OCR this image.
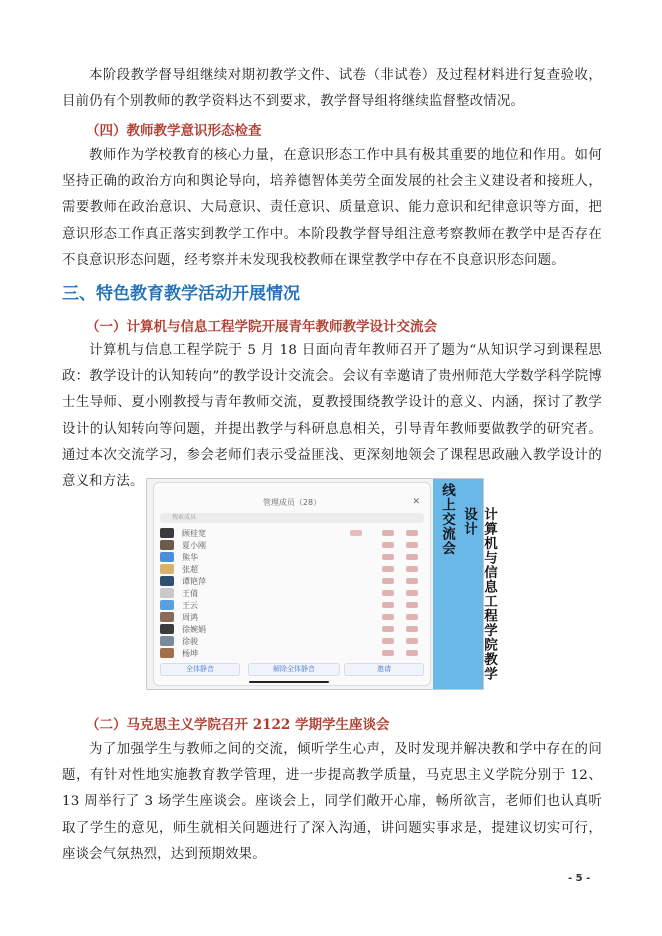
本阶段教学督导组继续对期初教学文件、试卷（非试卷）及过程材料进行复查验收，目前仍有个别教师的教学资料达不到要求，教学督导组将继续监督整改情况。

（四）教师教学意识形态检查

教师作为学校教育的核心力量，在意识形态工作中具有极其重要的地位和作用。如何坚持正确的政治方向和舆论导向，培养德智体美劳全面发展的社会主义建设者和接班人，需要教师在政治意识、大局意识、责任意识、质量意识、能力意识和纪律意识等方面，把意识形态工作真正落实到教学工作中。本阶段教学督导组注意考察教师在教学中是否存在不良意识形态问题，经考察并未发现我校教师在课堂教学中存在不良意识形态问题。

三、特色教育教学活动开展情况
（一）计算机与信息工程学院开展青年教师教学设计交流会

计算机与信息工程学院于 5 月 18 日面向青年教师召开了题为“从知识学习到课程思政：教学设计的认知转向”的教学设计交流会。会议有幸邀请了贵州师范大学数学科学院博士生导师、夏小刚教授与青年教师交流，夏教授围绕教学设计的意义、内涵，探讨了教学设计的认知转向等问题，并提出教学与科研息息相关，引导青年教师要做教学的研究者。通过本次交流学习，参会老师们表示受益匪浅、更深刻地领会了课程思政融入教学设计的意义和方法。

管理成员（28）	✕
搜索成员
顾桂宽
夏小刚
熊华
张超
谭艳萍
王倩
王云
周鸿
徐婉娟
徐骏
杨坤
全体静音	解除全体静音	邀请
线上交流会	计算机与信息工程学院教学设计
（二）马克思主义学院召开 2122 学期学生座谈会

为了加强学生与教师之间的交流，倾听学生心声，及时发现并解决教和学中存在的问题，有针对性地实施教育教学管理，进一步提高教学质量，马克思主义学院分别于 12、13 周举行了 3 场学生座谈会。座谈会上，同学们敞开心扉，畅所欲言，老师们也认真听取了学生的意见，师生就相关问题进行了深入沟通，讲问题实事求是，提建议切实可行，座谈会气氛热烈，达到预期效果。

- 5 -
